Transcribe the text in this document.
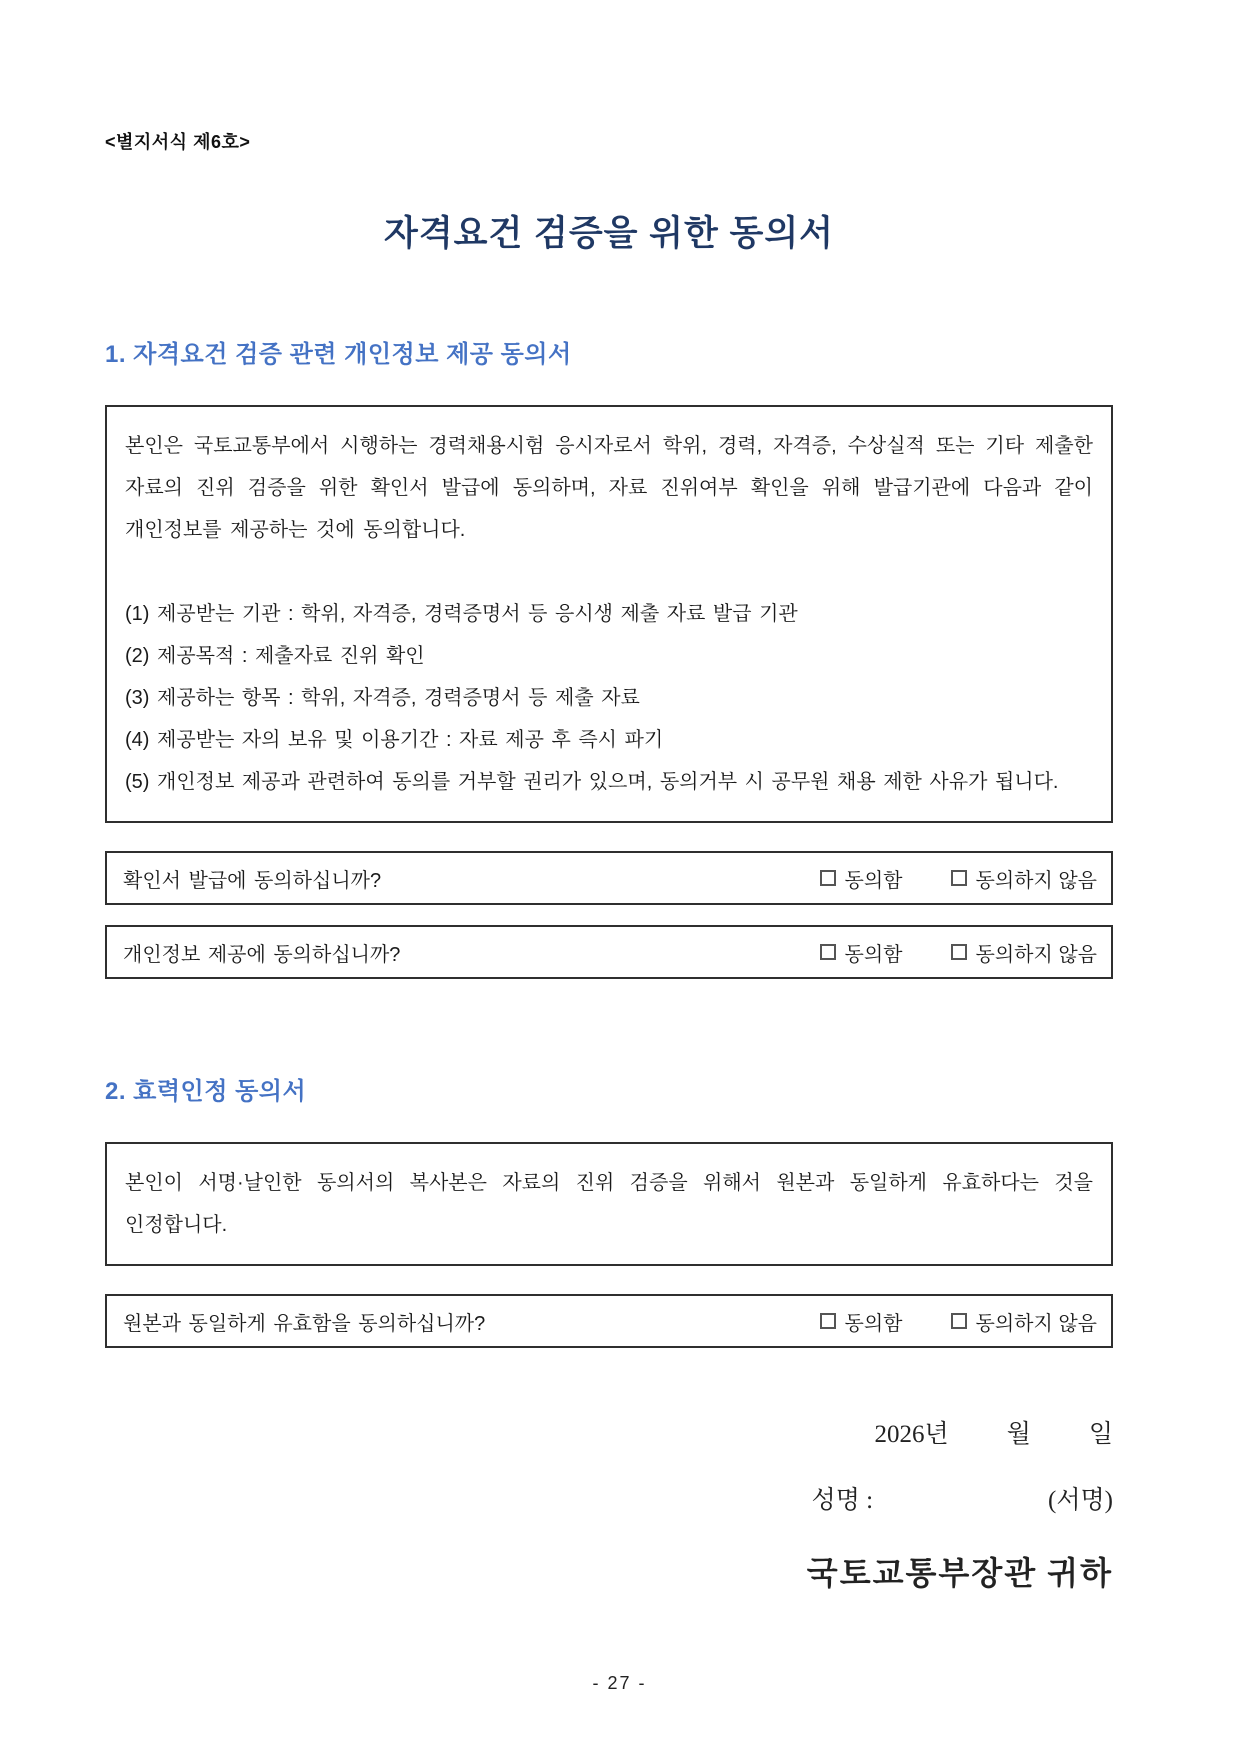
<별지서식 제6호>
자격요건 검증을 위한 동의서
1. 자격요건 검증 관련 개인정보 제공 동의서

본인은 국토교통부에서 시행하는 경력채용시험 응시자로서 학위, 경력, 자격증, 수상실적 또는 기타 제출한 자료의 진위 검증을 위한 확인서 발급에 동의하며, 자료 진위여부 확인을 위해 발급기관에 다음과 같이 개인정보를 제공하는 것에 동의합니다.

(1) 제공받는 기관 : 학위, 자격증, 경력증명서 등 응시생 제출 자료 발급 기관

(2) 제공목적 : 제출자료 진위 확인

(3) 제공하는 항목 : 학위, 자격증, 경력증명서 등 제출 자료

(4) 제공받는 자의 보유 및 이용기간 : 자료 제공 후 즉시 파기

(5) 개인정보 제공과 관련하여 동의를 거부할 권리가 있으며, 동의거부 시 공무원 채용 제한 사유가 됩니다.

확인서 발급에 동의하십니까?	동의함	동의하지 않음
개인정보 제공에 동의하십니까?	동의함	동의하지 않음
2. 효력인정 동의서

본인이 서명·날인한 동의서의 복사본은 자료의 진위 검증을 위해서 원본과 동일하게 유효하다는 것을 인정합니다.

원본과 동일하게 유효함을 동의하십니까?	동의함	동의하지 않음
2026년 월 일
성명 :	(서명)
국토교통부장관 귀하
- 27 -
